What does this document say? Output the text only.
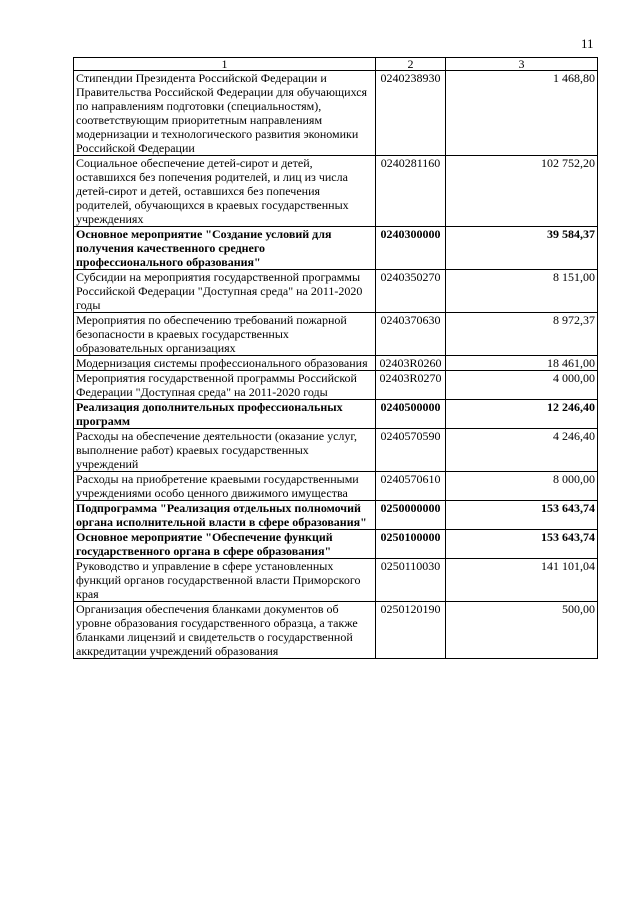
11
1	2	3
Стипендии Президента Российской Федерации и Правительства Российской Федерации для обучающихся по направлениям подготовки (специальностям), соответствующим приоритетным направлениям модернизации и технологического развития экономики Российской Федерации	0240238930	1 468,80
Социальное обеспечение детей-сирот и детей, оставшихся без попечения родителей, и лиц из числа детей-сирот и детей, оставшихся без попечения родителей, обучающихся в краевых государственных учреждениях	0240281160	102 752,20
Основное мероприятие "Создание условий для получения качественного среднего профессионального образования"	0240300000	39 584,37
Субсидии на мероприятия государственной программы Российской Федерации "Доступная среда" на 2011-2020 годы	0240350270	8 151,00
Мероприятия по обеспечению требований пожарной безопасности в краевых государственных образовательных организациях	0240370630	8 972,37
Модернизация системы профессионального образования	02403R0260	18 461,00
Мероприятия государственной программы Российской Федерации "Доступная среда" на 2011-2020 годы	02403R0270	4 000,00
Реализация дополнительных профессиональных программ	0240500000	12 246,40
Расходы на обеспечение деятельности (оказание услуг, выполнение работ) краевых государственных учреждений	0240570590	4 246,40
Расходы на приобретение краевыми государственными учреждениями особо ценного движимого имущества	0240570610	8 000,00
Подпрограмма "Реализация отдельных полномочий органа исполнительной власти в сфере образования"	0250000000	153 643,74
Основное мероприятие "Обеспечение функций государственного органа в сфере образования"	0250100000	153 643,74
Руководство и управление в сфере установленных функций органов государственной власти Приморского края	0250110030	141 101,04
Организация обеспечения бланками документов об уровне образования государственного образца, а также бланками лицензий и свидетельств о государственной аккредитации учреждений образования	0250120190	500,00
